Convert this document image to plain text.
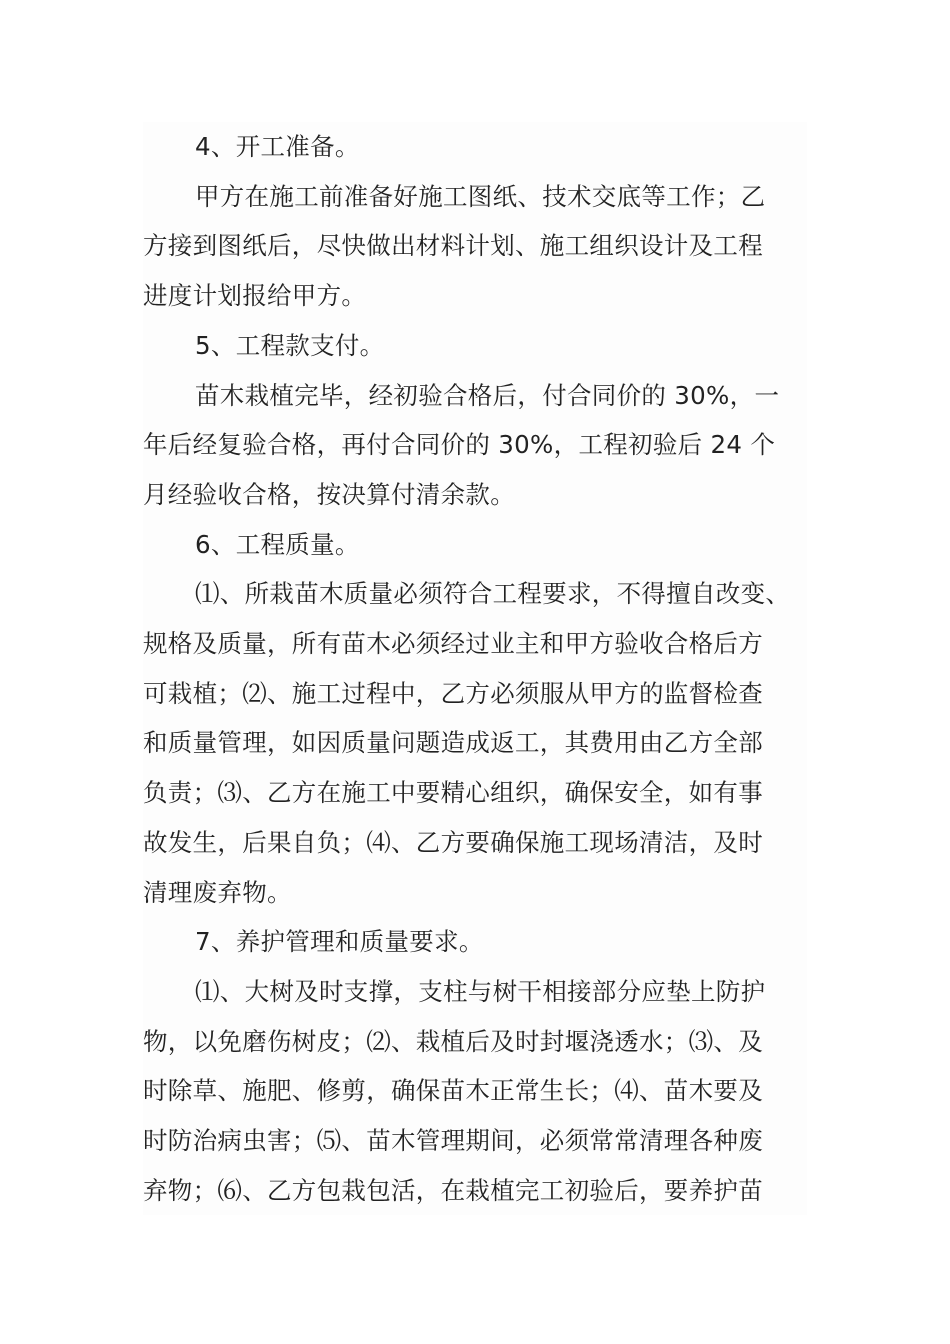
4、开工准备。
甲方在施工前准备好施工图纸、技术交底等工作；乙
方接到图纸后，尽快做出材料计划、施工组织设计及工程
进度计划报给甲方。
5、工程款支付。
苗木栽植完毕，经初验合格后，付合同价的 30%，一
年后经复验合格，再付合同价的 30%，工程初验后 24 个
月经验收合格，按决算付清余款。
6、工程质量。
⑴、所栽苗木质量必须符合工程要求，不得擅自改变、
规格及质量，所有苗木必须经过业主和甲方验收合格后方
可栽植；⑵、施工过程中，乙方必须服从甲方的监督检查
和质量管理，如因质量问题造成返工，其费用由乙方全部
负责；⑶、乙方在施工中要精心组织，确保安全，如有事
故发生，后果自负；⑷、乙方要确保施工现场清洁，及时
清理废弃物。
7、养护管理和质量要求。
⑴、大树及时支撑，支柱与树干相接部分应垫上防护
物，以免磨伤树皮；⑵、栽植后及时封堰浇透水；⑶、及
时除草、施肥、修剪，确保苗木正常生长；⑷、苗木要及
时防治病虫害；⑸、苗木管理期间，必须常常清理各种废
弃物；⑹、乙方包栽包活，在栽植完工初验后，要养护苗
